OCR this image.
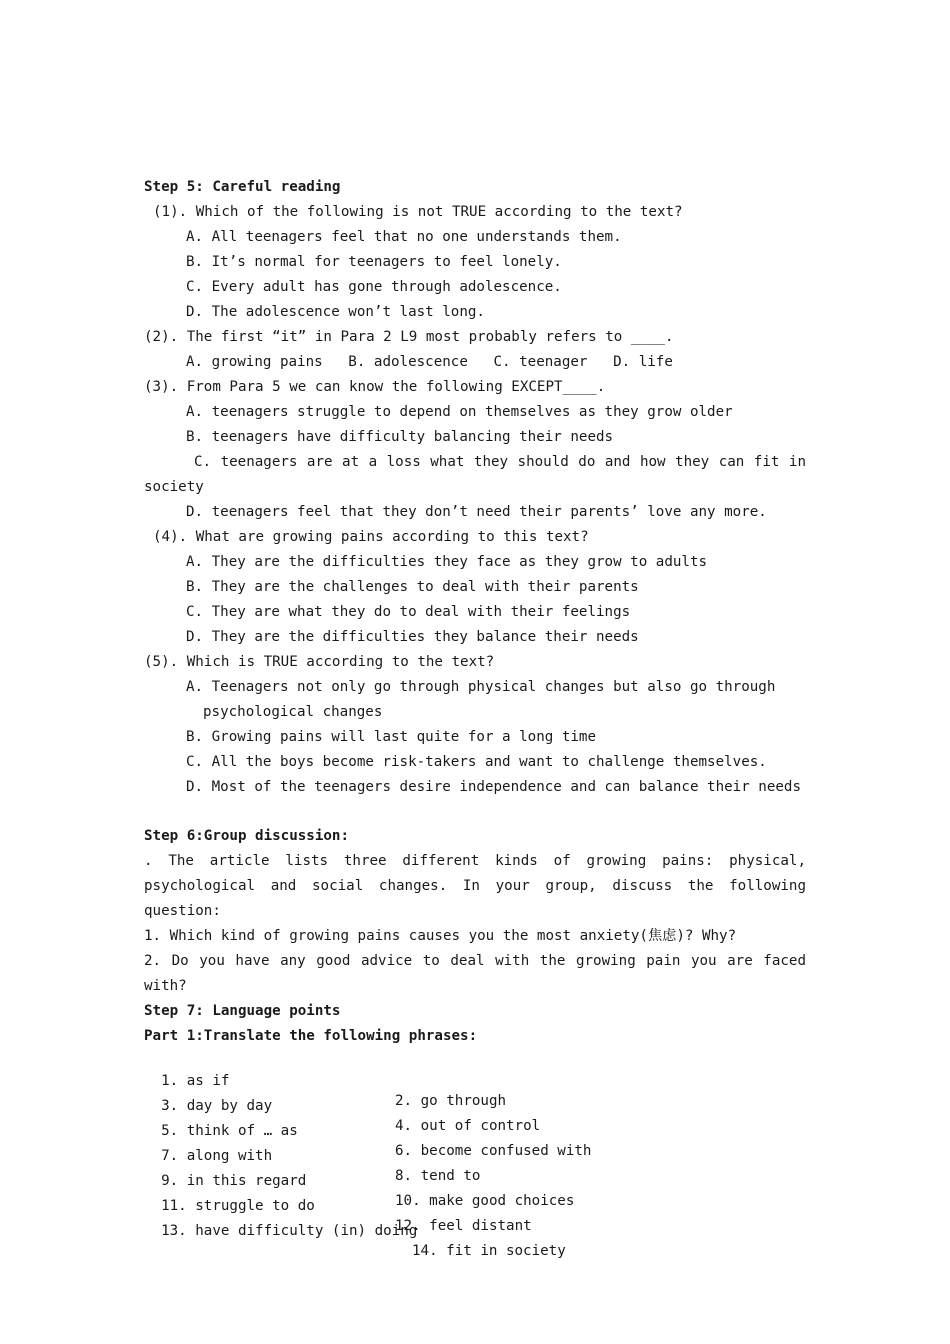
Step 5: Careful reading
(1). Which of the following is not TRUE according to the text?
A. All teenagers feel that no one understands them.
B. It’s normal for teenagers to feel lonely.
C. Every adult has gone through adolescence.
D. The adolescence won’t last long.
(2). The first “it” in Para 2 L9 most probably refers to ____.
A. growing pains   B. adolescence   C. teenager   D. life
(3). From Para 5 we can know the following EXCEPT____.
A. teenagers struggle to depend on themselves as they grow older
B. teenagers have difficulty balancing their needs
C. teenagers are at a loss what they should do and how they can fit in
society
D. teenagers feel that they don’t need their parents’ love any more.
(4). What are growing pains according to this text?
A. They are the difficulties they face as they grow to adults
B. They are the challenges to deal with their parents
C. They are what they do to deal with their feelings
D. They are the difficulties they balance their needs
(5). Which is TRUE according to the text?
A. Teenagers not only go through physical changes but also go through
psychological changes
B. Growing pains will last quite for a long time
C. All the boys become risk-takers and want to challenge themselves.
D. Most of the teenagers desire independence and can balance their needs
Step 6:Group discussion:
. The article lists three different kinds of growing pains: physical,
psychological and social changes. In your group, discuss the following
question:
1. Which kind of growing pains causes you the most anxiety(焦虑)? Why?
2. Do you have any good advice to deal with the growing pain you are faced
with?
Step 7: Language points
Part 1:Translate the following phrases:

1. as if

2. go through

3. day by day

4. out of control

5. think of … as

6. become confused with

7. along with

8. tend to

9. in this regard

10. make good choices

11. struggle to do

12. feel distant

13. have difficulty (in) doing

14. fit in society
